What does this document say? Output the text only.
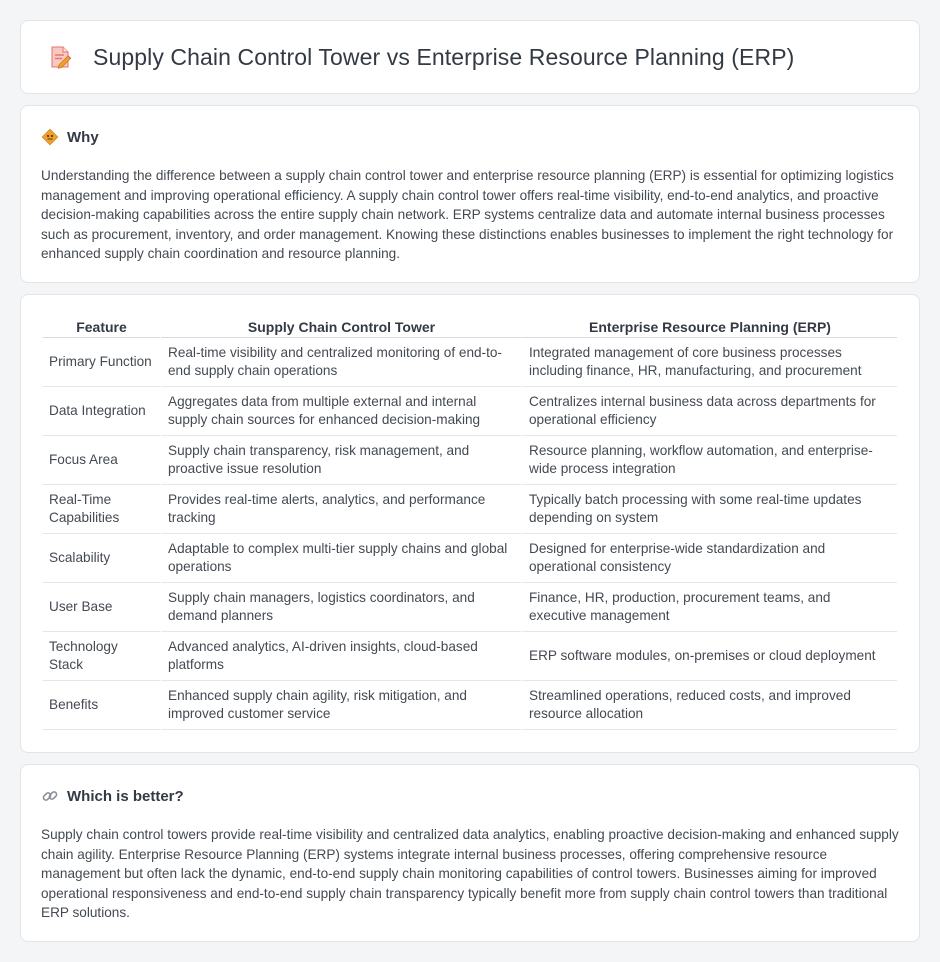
Supply Chain Control Tower vs Enterprise Resource Planning (ERP)
Why

Understanding the difference between a supply chain control tower and enterprise resource planning (ERP) is essential for optimizing logistics management and improving operational efficiency. A supply chain control tower offers real-time visibility, end-to-end analytics, and proactive decision-making capabilities across the entire supply chain network. ERP systems centralize data and automate internal business processes such as procurement, inventory, and order management. Knowing these distinctions enables businesses to implement the right technology for enhanced supply chain coordination and resource planning.

Feature	Supply Chain Control Tower	Enterprise Resource Planning (ERP)
Primary Function	Real-time visibility and centralized monitoring of end-to-end supply chain operations	Integrated management of core business processes including finance, HR, manufacturing, and procurement
Data Integration	Aggregates data from multiple external and internal supply chain sources for enhanced decision-making	Centralizes internal business data across departments for operational efficiency
Focus Area	Supply chain transparency, risk management, and proactive issue resolution	Resource planning, workflow automation, and enterprise-wide process integration
Real-Time Capabilities	Provides real-time alerts, analytics, and performance tracking	Typically batch processing with some real-time updates depending on system
Scalability	Adaptable to complex multi-tier supply chains and global operations	Designed for enterprise-wide standardization and operational consistency
User Base	Supply chain managers, logistics coordinators, and demand planners	Finance, HR, production, procurement teams, and executive management
Technology Stack	Advanced analytics, AI-driven insights, cloud-based platforms	ERP software modules, on-premises or cloud deployment
Benefits	Enhanced supply chain agility, risk mitigation, and improved customer service	Streamlined operations, reduced costs, and improved resource allocation
Which is better?

Supply chain control towers provide real-time visibility and centralized data analytics, enabling proactive decision-making and enhanced supply chain agility. Enterprise Resource Planning (ERP) systems integrate internal business processes, offering comprehensive resource management but often lack the dynamic, end-to-end supply chain monitoring capabilities of control towers. Businesses aiming for improved operational responsiveness and end-to-end supply chain transparency typically benefit more from supply chain control towers than traditional ERP solutions.
